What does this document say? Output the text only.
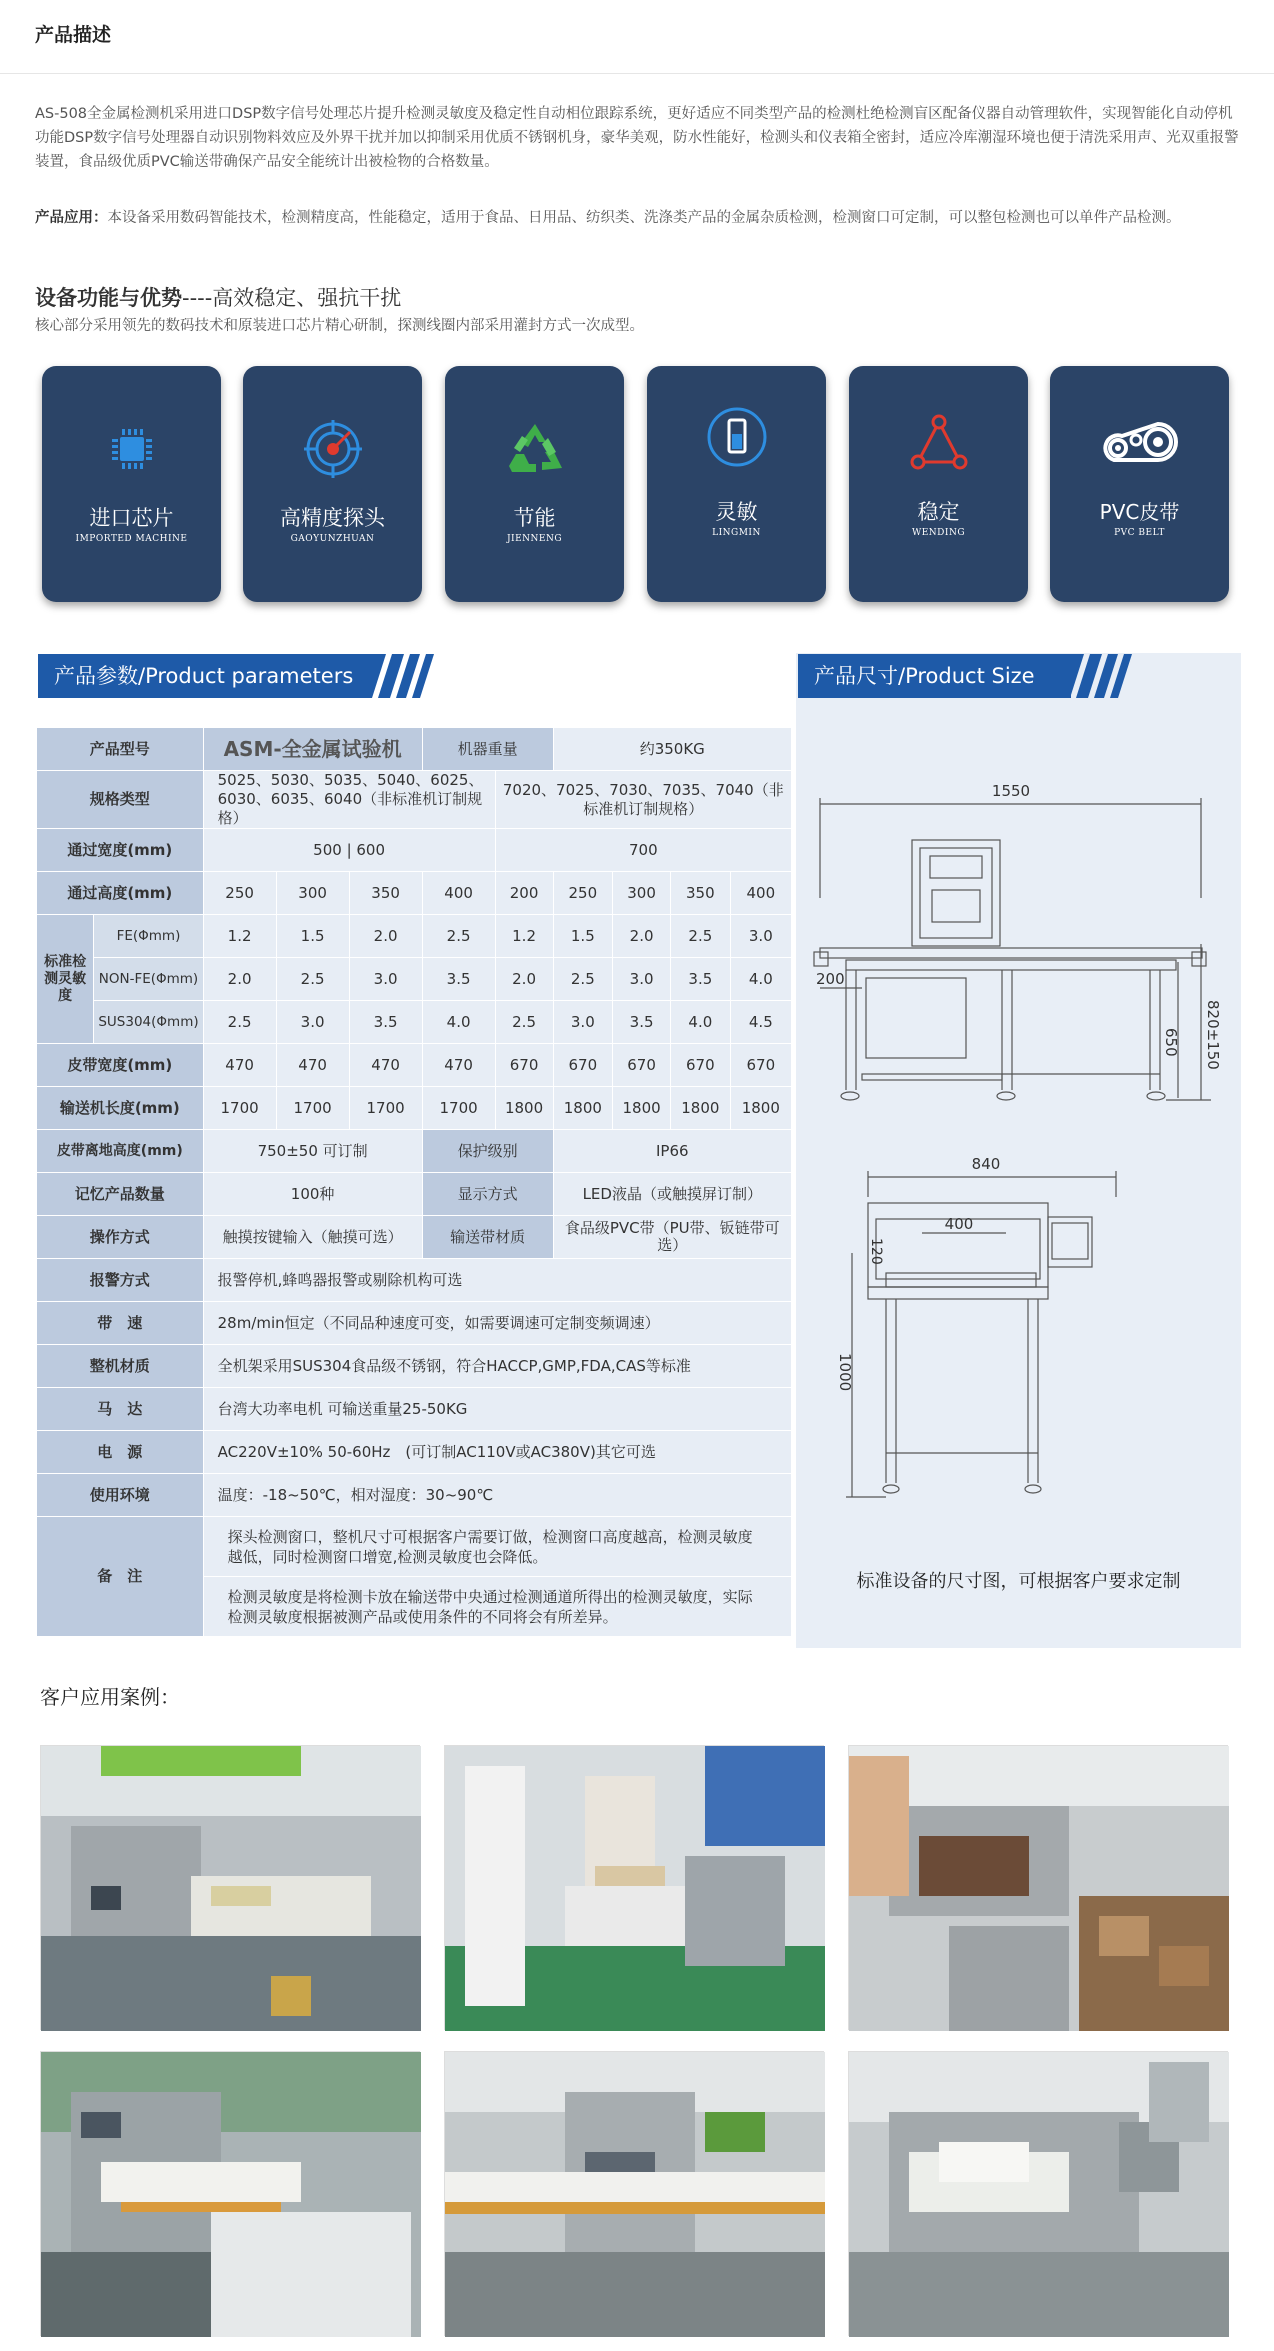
产品描述

AS-508全金属检测机采用进口DSP数字信号处理芯片提升检测灵敏度及稳定性自动相位跟踪系统，更好适应不同类型产品的检测杜绝检测盲区配备仪器自动管理软件，实现智能化自动停机功能DSP数字信号处理器自动识别物料效应及外界干扰并加以抑制采用优质不锈钢机身，豪华美观，防水性能好，检测头和仪表箱全密封，适应冷库潮湿环境也便于清洗采用声、光双重报警装置，食品级优质PVC输送带确保产品安全能统计出被检物的合格数量。

产品应用：本设备采用数码智能技术，检测精度高，性能稳定，适用于食品、日用品、纺织类、洗涤类产品的金属杂质检测，检测窗口可定制，可以整包检测也可以单件产品检测。

设备功能与优势----高效稳定、强抗干扰
核心部分采用领先的数码技术和原装进口芯片精心研制，探测线圈内部采用灌封方式一次成型。
进口芯片
IMPORTED MACHINE
高精度探头
GAOYUNZHUAN
节能
JIENNENG
灵敏
LINGMIN
稳定
WENDING
PVC皮带
PVC BELT
产品参数/Product parameters
产品型号		ASM-全金属试验机			机器重量		约350KG			
规格类型		5025、5030、5035、5040、6025、6030、6035、6040（非标准机订制规格）				7020、7025、7030、7035、7040（非标准机订制规格）				
通过宽度(mm)		500 | 600				700				
通过高度(mm)		250	300	350	400	200	250	300	350	400
标准检测灵敏度	FE(Φmm)	1.2	1.5	2.0	2.5	1.2	1.5	2.0	2.5	3.0
	NON-FE(Φmm)	2.0	2.5	3.0	3.5	2.0	2.5	3.0	3.5	4.0
	SUS304(Φmm)	2.5	3.0	3.5	4.0	2.5	3.0	3.5	4.0	4.5
皮带宽度(mm)		470	470	470	470	670	670	670	670	670
输送机长度(mm)		1700	1700	1700	1700	1800	1800	1800	1800	1800
皮带离地高度(mm)		750±50 可订制			保护级别		IP66			
记忆产品数量		100种			显示方式		LED液晶（或触摸屏订制）			
操作方式		触摸按键输入（触摸可选）			输送带材质		食品级PVC带（PU带、钣链带可选）			
报警方式		报警停机,蜂鸣器报警或剔除机构可选								
带　速		28m/min恒定（不同品种速度可变，如需要调速可定制变频调速）								
整机材质		全机架采用SUS304食品级不锈钢，符合HACCP,GMP,FDA,CAS等标准								
马　达		台湾大功率电机 可输送重量25-50KG								
电　源		AC220V±10% 50-60Hz　(可订制AC110V或AC380V)其它可选								
使用环境		温度：-18~50℃，相对湿度：30~90℃								
备　注		探头检测窗口，整机尺寸可根据客户需要订做，检测窗口高度越高，检测灵敏度越低，同时检测窗口增宽,检测灵敏度也会降低。								
		检测灵敏度是将检测卡放在输送带中央通过检测通道所得出的检测灵敏度，实际检测灵敏度根据被测产品或使用条件的不同将会有所差异。								
产品尺寸/Product Size
1550
200
650 820±150
840
400
120
1000
标准设备的尺寸图，可根据客户要求定制
客户应用案例：
